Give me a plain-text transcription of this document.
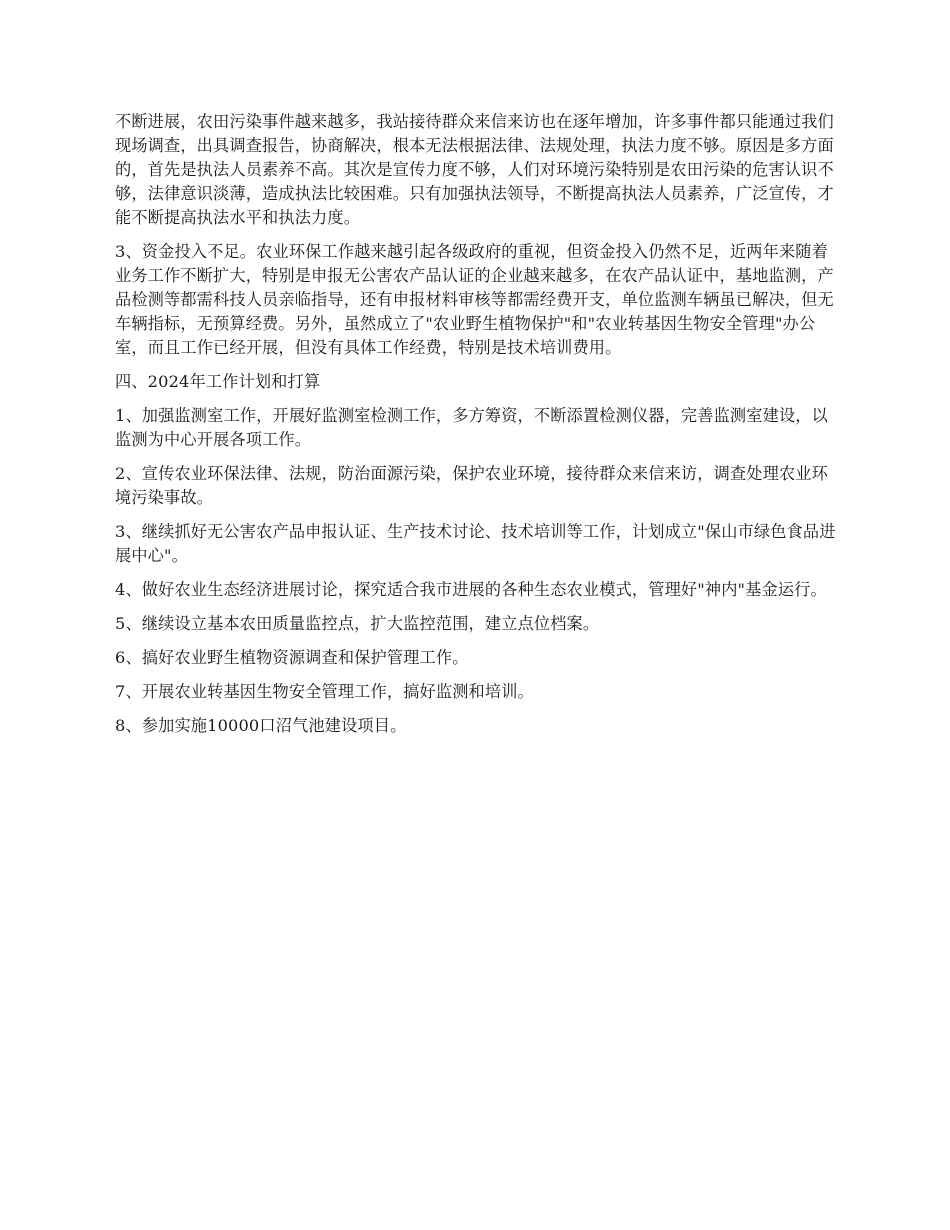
不断进展，农田污染事件越来越多，我站接待群众来信来访也在逐年增加，许多事件都只能通过我们现场调查，出具调查报告，协商解决，根本无法根据法律、法规处理，执法力度不够。原因是多方面的，首先是执法人员素养不高。其次是宣传力度不够，人们对环境污染特别是农田污染的危害认识不够，法律意识淡薄，造成执法比较困难。只有加强执法领导，不断提高执法人员素养，广泛宣传，才能不断提高执法水平和执法力度。

3、资金投入不足。农业环保工作越来越引起各级政府的重视，但资金投入仍然不足，近两年来随着业务工作不断扩大，特别是申报无公害农产品认证的企业越来越多，在农产品认证中，基地监测，产品检测等都需科技人员亲临指导，还有申报材料审核等都需经费开支，单位监测车辆虽已解决，但无车辆指标，无预算经费。另外，虽然成立了"农业野生植物保护"和"农业转基因生物安全管理"办公室，而且工作已经开展，但没有具体工作经费，特别是技术培训费用。

四、2024年工作计划和打算

1、加强监测室工作，开展好监测室检测工作，多方筹资，不断添置检测仪器，完善监测室建设，以监测为中心开展各项工作。

2、宣传农业环保法律、法规，防治面源污染，保护农业环境，接待群众来信来访，调查处理农业环境污染事故。

3、继续抓好无公害农产品申报认证、生产技术讨论、技术培训等工作，计划成立"保山市绿色食品进展中心"。

4、做好农业生态经济进展讨论，探究适合我市进展的各种生态农业模式，管理好"神内"基金运行。

5、继续设立基本农田质量监控点，扩大监控范围，建立点位档案。

6、搞好农业野生植物资源调查和保护管理工作。

7、开展农业转基因生物安全管理工作，搞好监测和培训。

8、参加实施10000口沼气池建设项目。
